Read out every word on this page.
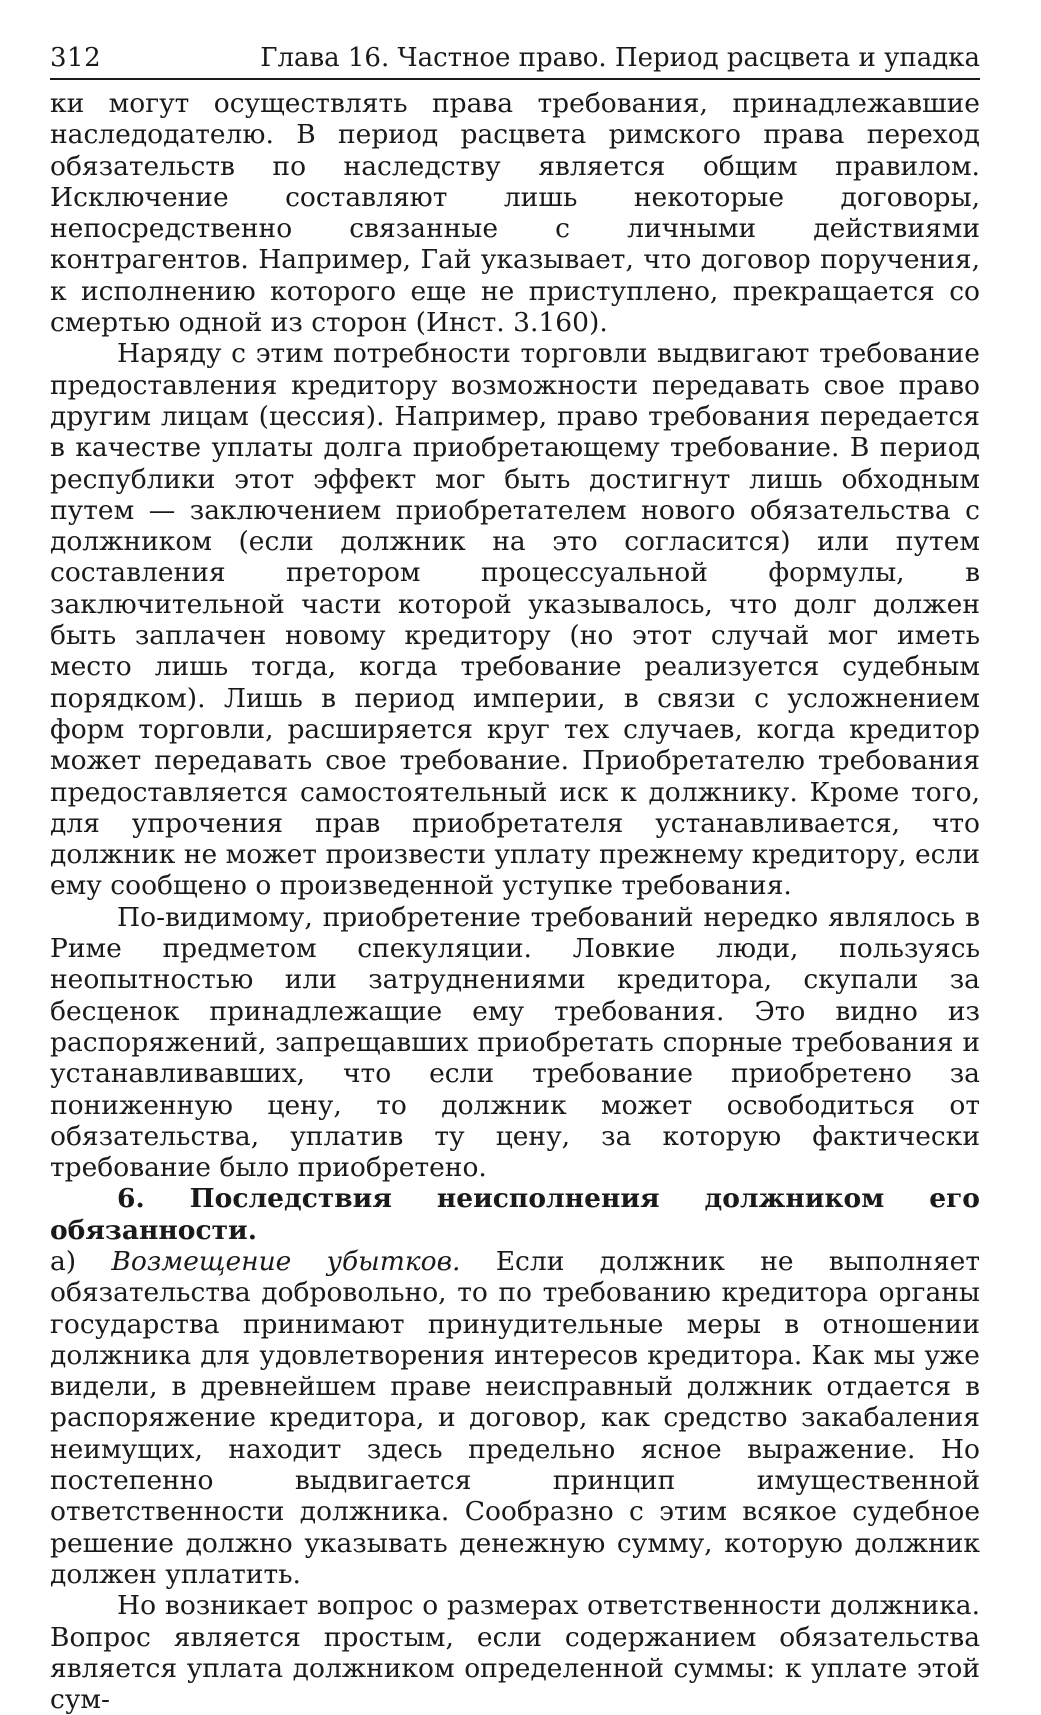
312	Глава 16. Частное право. Период расцвета и упадка

ки могут осуществлять права требования, принадлежавшие наследодателю. В период расцвета римского права переход обязательств по наследству является общим правилом. Исключение составляют лишь некоторые договоры, непосредственно связанные с личными действиями контрагентов. Например, Гай указывает, что договор поручения, к исполнению которого еще не приступлено, прекращается со смертью одной из сторон (Инст. 3.160).

Наряду с этим потребности торговли выдвигают требование предоставления кредитору возможности передавать свое право другим лицам (цессия). Например, право требования передается в качестве уплаты долга приобретающему требование. В период республики этот эффект мог быть достигнут лишь обходным путем — заключением приобретателем нового обязательства с должником (если должник на это согласится) или путем составления претором процессуальной формулы, в заключительной части которой указывалось, что долг должен быть заплачен новому кредитору (но этот случай мог иметь место лишь тогда, когда требование реализуется судебным порядком). Лишь в период империи, в связи с усложнением форм торговли, расширяется круг тех случаев, когда кредитор может передавать свое требование. Приобретателю требования предоставляется самостоятельный иск к должнику. Кроме того, для упрочения прав приобретателя устанавливается, что должник не может произвести уплату прежнему кредитору, если ему сообщено о произведенной уступке требования.

По-видимому, приобретение требований нередко являлось в Риме предметом спекуляции. Ловкие люди, пользуясь неопытностью или затруднениями кредитора, скупали за бесценок принадлежащие ему требования. Это видно из распоряжений, запрещавших приобретать спорные требования и устанавливавших, что если требование приобретено за пониженную цену, то должник может освободиться от обязательства, уплатив ту цену, за которую фактически требование было приобретено.

6. Последствия неисполнения должником его обязанности.
а) Возмещение убытков. Если должник не выполняет обязательства добровольно, то по требованию кредитора органы государства принимают принудительные меры в отношении должника для удовлетворения интересов кредитора. Как мы уже видели, в древнейшем праве неисправный должник отдается в распоряжение кредитора, и договор, как средство закабаления неимущих, находит здесь предельно ясное выражение. Но постепенно выдвигается принцип имущественной ответственности должника. Сообразно с этим всякое судебное решение должно указывать денежную сумму, которую должник должен уплатить.

Но возникает вопрос о размерах ответственности должника. Вопрос является простым, если содержанием обязательства является уплата должником определенной суммы: к уплате этой сум-
